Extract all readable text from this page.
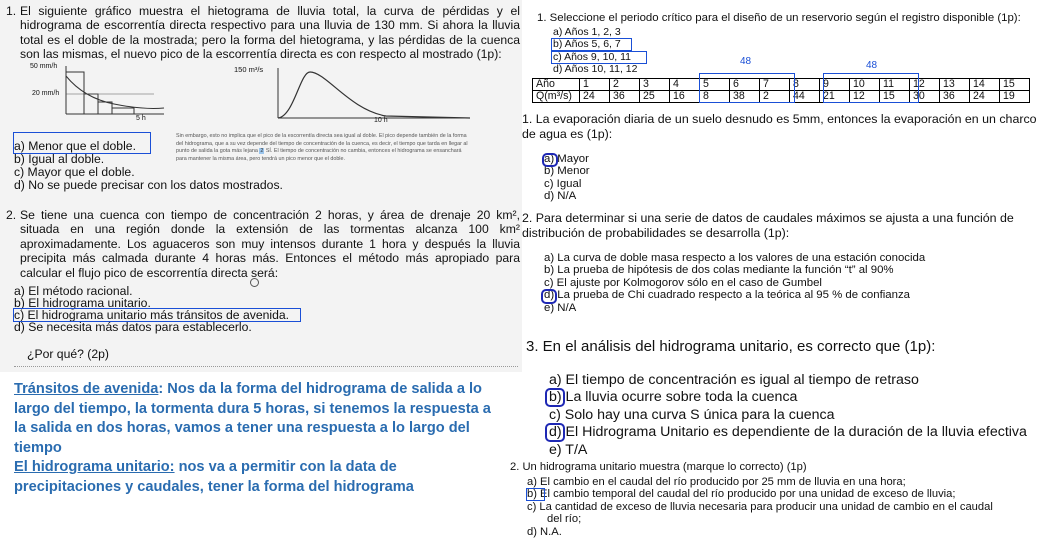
1. El siguiente gráfico muestra el hietograma de lluvia total, la curva de pérdidas y el hidrograma de escorrentía directa respectivo para una lluvia de 130 mm. Si ahora la lluvia total es el doble de la mostrada; pero la forma del hietograma, y las pérdidas de la cuenca son las mismas, el nuevo pico de la escorrentía directa es con respecto al mostrado (1p):
50 mm/h
20 mm/h
5 h
150 m³/s
10 h
a) Menor que el doble.
b) Igual al doble.
c) Mayor que el doble.
d) No se puede precisar con los datos mostrados.
Sin embargo, esto no implica que el pico de la escorrentía directa sea igual al doble. El pico depende también de la forma
del hidrograma, que a su vez depende del tiempo de concentración de la cuenca, es decir, el tiempo que tarda en llegar al
punto de salida la gota más lejana 2 SÍ. El tiempo de concentración no cambia, entonces el hidrograma se ensanchará
para mantener la misma área, pero tendrá un pico menor que el doble.
2. Se tiene una cuenca con tiempo de concentración 2 horas, y área de drenaje 20 km², situada en una región donde la extensión de las tormentas alcanza 100 km² aproximadamente. Los aguaceros son muy intensos durante 1 hora y después la lluvia precipita más calmada durante 4 horas más. Entonces el método más apropiado para calcular el flujo pico de escorrentía directa será:
a) El método racional.
b) El hidrograma unitario.
c) El hidrograma unitario más tránsitos de avenida.
d) Se necesita más datos para establecerlo.
¿Por qué? (2p)
Tránsitos de avenida: Nos da la forma del hidrograma de salida a lo
largo del tiempo, la tormenta dura 5 horas, si tenemos la respuesta a
la salida en dos horas, vamos a tener una respuesta a lo largo del
tiempo
El hidrograma unitario: nos va a permitir con la data de
precipitaciones y caudales, tener la forma del hidrograma
1. Seleccione el periodo crítico para el diseño de un reservorio según el registro disponible (1p):
a) Años 1, 2, 3
b) Años 5, 6, 7
c) Años 9, 10, 11
d) Años 10, 11, 12
48	48
Año	1	2	3	4	5	6	7	8	9	10	11	12	13	14	15
Q(m³/s)	24	36	25	16	8	38	2	44	21	12	15	30	36	24	19
1. La evaporación diaria de un suelo desnudo es 5mm, entonces la evaporación en un charco de agua es (1p):
a) Mayor
b) Menor
c) Igual
d) N/A
2. Para determinar si una serie de datos de caudales máximos se ajusta a una función de distribución de probabilidades se desarrolla (1p):
a) La curva de doble masa respecto a los valores de una estación conocida
b) La prueba de hipótesis de dos colas mediante la función “t” al 90%
c) El ajuste por Kolmogorov sólo en el caso de Gumbel
d) La prueba de Chi cuadrado respecto a la teórica al 95 % de confianza
e) N/A
3. En el análisis del hidrograma unitario, es correcto que (1p):
a) El tiempo de concentración es igual al tiempo de retraso
b) La lluvia ocurre sobre toda la cuenca
c) Solo hay una curva S única para la cuenca
d) El Hidrograma Unitario es dependiente de la duración de la lluvia efectiva
e) T/A
2. Un hidrograma unitario muestra (marque lo correcto) (1p)
a) El cambio en el caudal del río producido por 25 mm de lluvia en una hora;
b) El cambio temporal del caudal del río producido por una unidad de exceso de lluvia;
c) La cantidad de exceso de lluvia necesaria para producir una unidad de cambio en el caudal
del río;
d) N.A.
